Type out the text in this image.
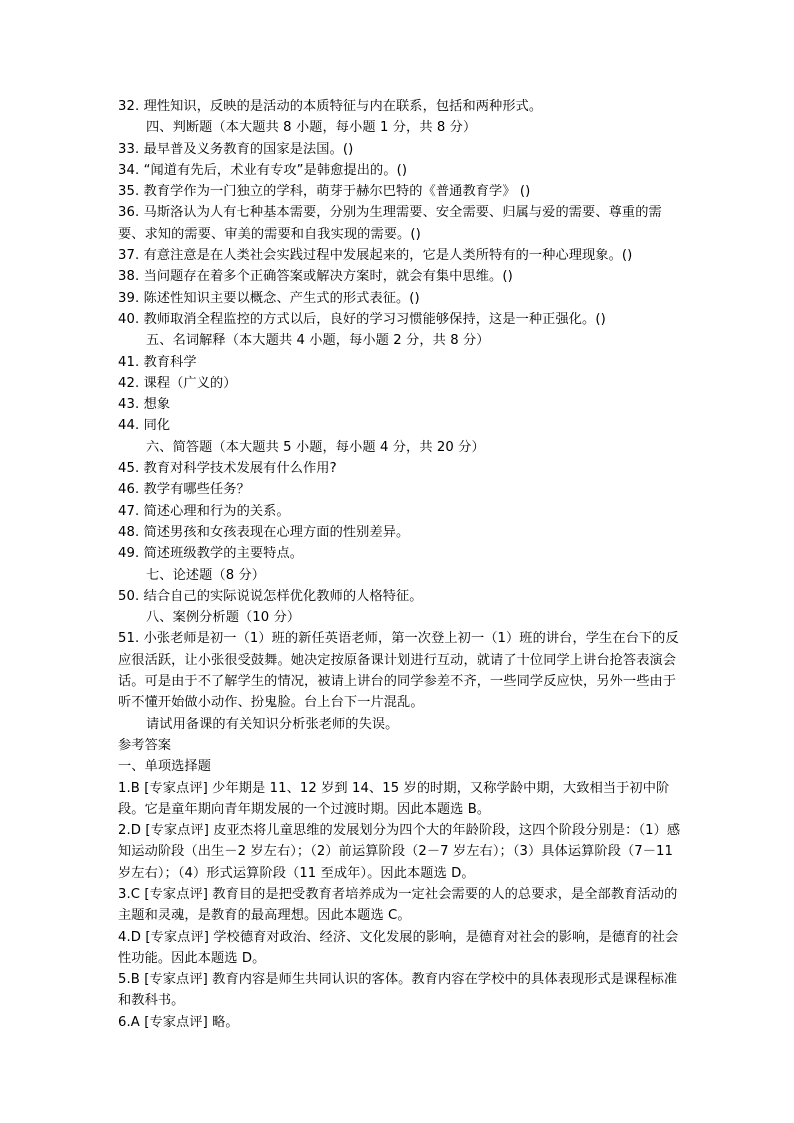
32. 理性知识，反映的是活动的本质特征与内在联系，包括和两种形式。
四、判断题（本大题共 8 小题，每小题 1 分，共 8 分）
33. 最早普及义务教育的国家是法国。()
34. “闻道有先后，术业有专攻”是韩愈提出的。()
35. 教育学作为一门独立的学科，萌芽于赫尔巴特的《普通教育学》 ()
36. 马斯洛认为人有七种基本需要，分别为生理需要、安全需要、归属与爱的需要、尊重的需要、求知的需要、审美的需要和自我实现的需要。()
37. 有意注意是在人类社会实践过程中发展起来的，它是人类所特有的一种心理现象。()
38. 当问题存在着多个正确答案或解决方案时，就会有集中思维。()
39. 陈述性知识主要以概念、产生式的形式表征。()
40. 教师取消全程监控的方式以后，良好的学习习惯能够保持，这是一种正强化。()
五、名词解释（本大题共 4 小题，每小题 2 分，共 8 分）
41. 教育科学
42. 课程（广义的）
43. 想象
44. 同化
六、简答题（本大题共 5 小题，每小题 4 分，共 20 分）
45. 教育对科学技术发展有什么作用?
46. 教学有哪些任务？
47. 简述心理和行为的关系。
48. 简述男孩和女孩表现在心理方面的性别差异。
49. 简述班级教学的主要特点。
七、论述题（8 分）
50. 结合自己的实际说说怎样优化教师的人格特征。
八、案例分析题（10 分）
51. 小张老师是初一（1）班的新任英语老师，第一次登上初一（1）班的讲台，学生在台下的反应很活跃，让小张很受鼓舞。她决定按原备课计划进行互动，就请了十位同学上讲台抢答表演会话。可是由于不了解学生的情况，被请上讲台的同学参差不齐，一些同学反应快，另外一些由于听不懂开始做小动作、扮鬼脸。台上台下一片混乱。
请试用备课的有关知识分析张老师的失误。
参考答案
一、单项选择题
1.B [专家点评] 少年期是 11、12 岁到 14、15 岁的时期，又称学龄中期，大致相当于初中阶段。它是童年期向青年期发展的一个过渡时期。因此本题选 B。
2.D [专家点评] 皮亚杰将儿童思维的发展划分为四个大的年龄阶段，这四个阶段分别是：（1）感知运动阶段（出生－2 岁左右）；（2）前运算阶段（2－7 岁左右）；（3）具体运算阶段（7－11 岁左右）；（4）形式运算阶段（11 至成年）。因此本题选 D。
3.C [专家点评] 教育目的是把受教育者培养成为一定社会需要的人的总要求，是全部教育活动的主题和灵魂，是教育的最高理想。因此本题选 C。
4.D [专家点评] 学校德育对政治、经济、文化发展的影响，是德育对社会的影响，是德育的社会性功能。因此本题选 D。
5.B [专家点评] 教育内容是师生共同认识的客体。教育内容在学校中的具体表现形式是课程标准和教科书。
6.A [专家点评] 略。
